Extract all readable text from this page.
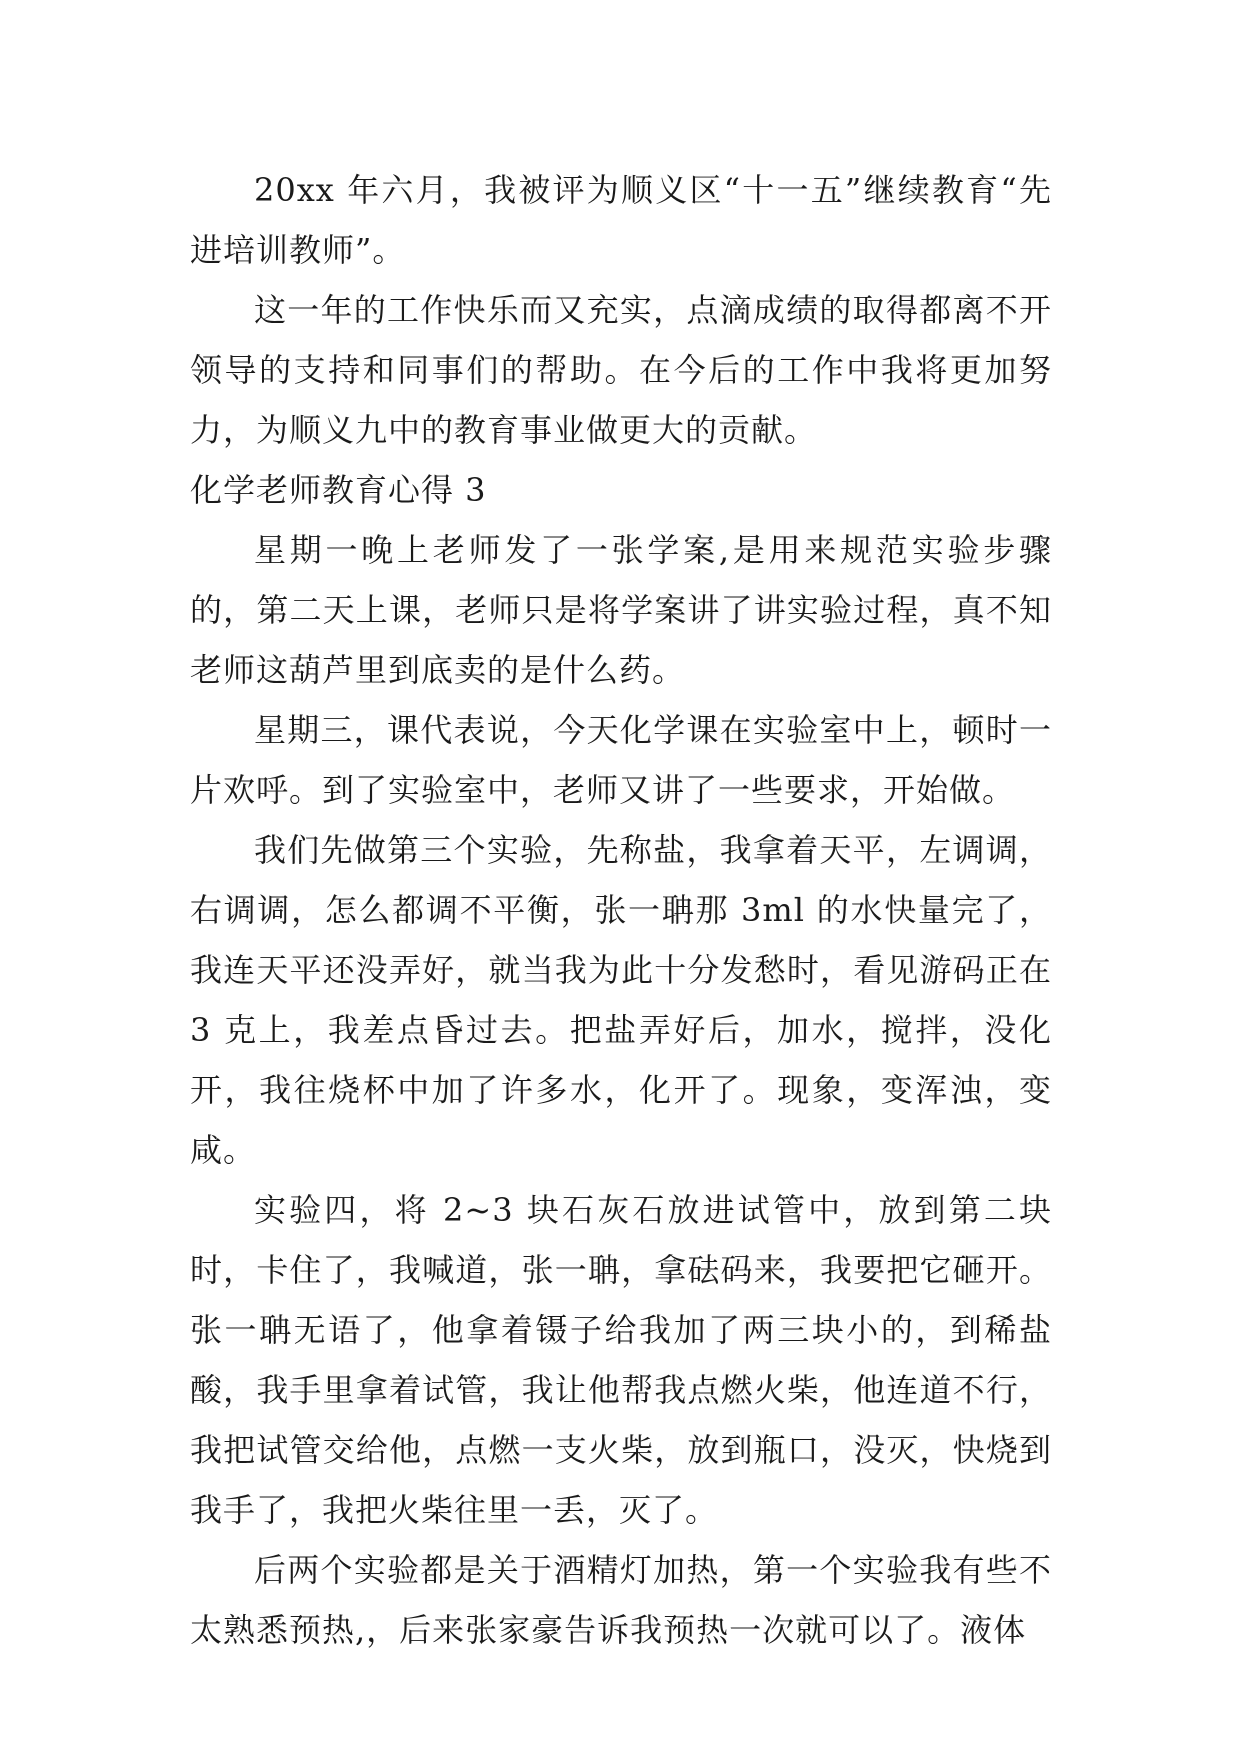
20xx 年六月，我被评为顺义区“十一五”继续教育“先进培训教师”。

这一年的工作快乐而又充实，点滴成绩的取得都离不开领导的支持和同事们的帮助。在今后的工作中我将更加努力，为顺义九中的教育事业做更大的贡献。

化学老师教育心得 3

星期一晚上老师发了一张学案,是用来规范实验步骤的，第二天上课，老师只是将学案讲了讲实验过程，真不知老师这葫芦里到底卖的是什么药。

星期三，课代表说，今天化学课在实验室中上，顿时一片欢呼。到了实验室中，老师又讲了一些要求，开始做。

我们先做第三个实验，先称盐，我拿着天平，左调调，右调调，怎么都调不平衡，张一聃那 3ml 的水快量完了，我连天平还没弄好，就当我为此十分发愁时，看见游码正在 3 克上，我差点昏过去。把盐弄好后，加水，搅拌，没化开，我往烧杯中加了许多水，化开了。现象，变浑浊，变咸。

实验四，将 2~3 块石灰石放进试管中，放到第二块时，卡住了，我喊道，张一聃，拿砝码来，我要把它砸开。张一聃无语了，他拿着镊子给我加了两三块小的，到稀盐酸，我手里拿着试管，我让他帮我点燃火柴，他连道不行，我把试管交给他，点燃一支火柴，放到瓶口，没灭，快烧到我手了，我把火柴往里一丢，灭了。

后两个实验都是关于酒精灯加热，第一个实验我有些不太熟悉预热,，后来张家豪告诉我预热一次就可以了。液体
